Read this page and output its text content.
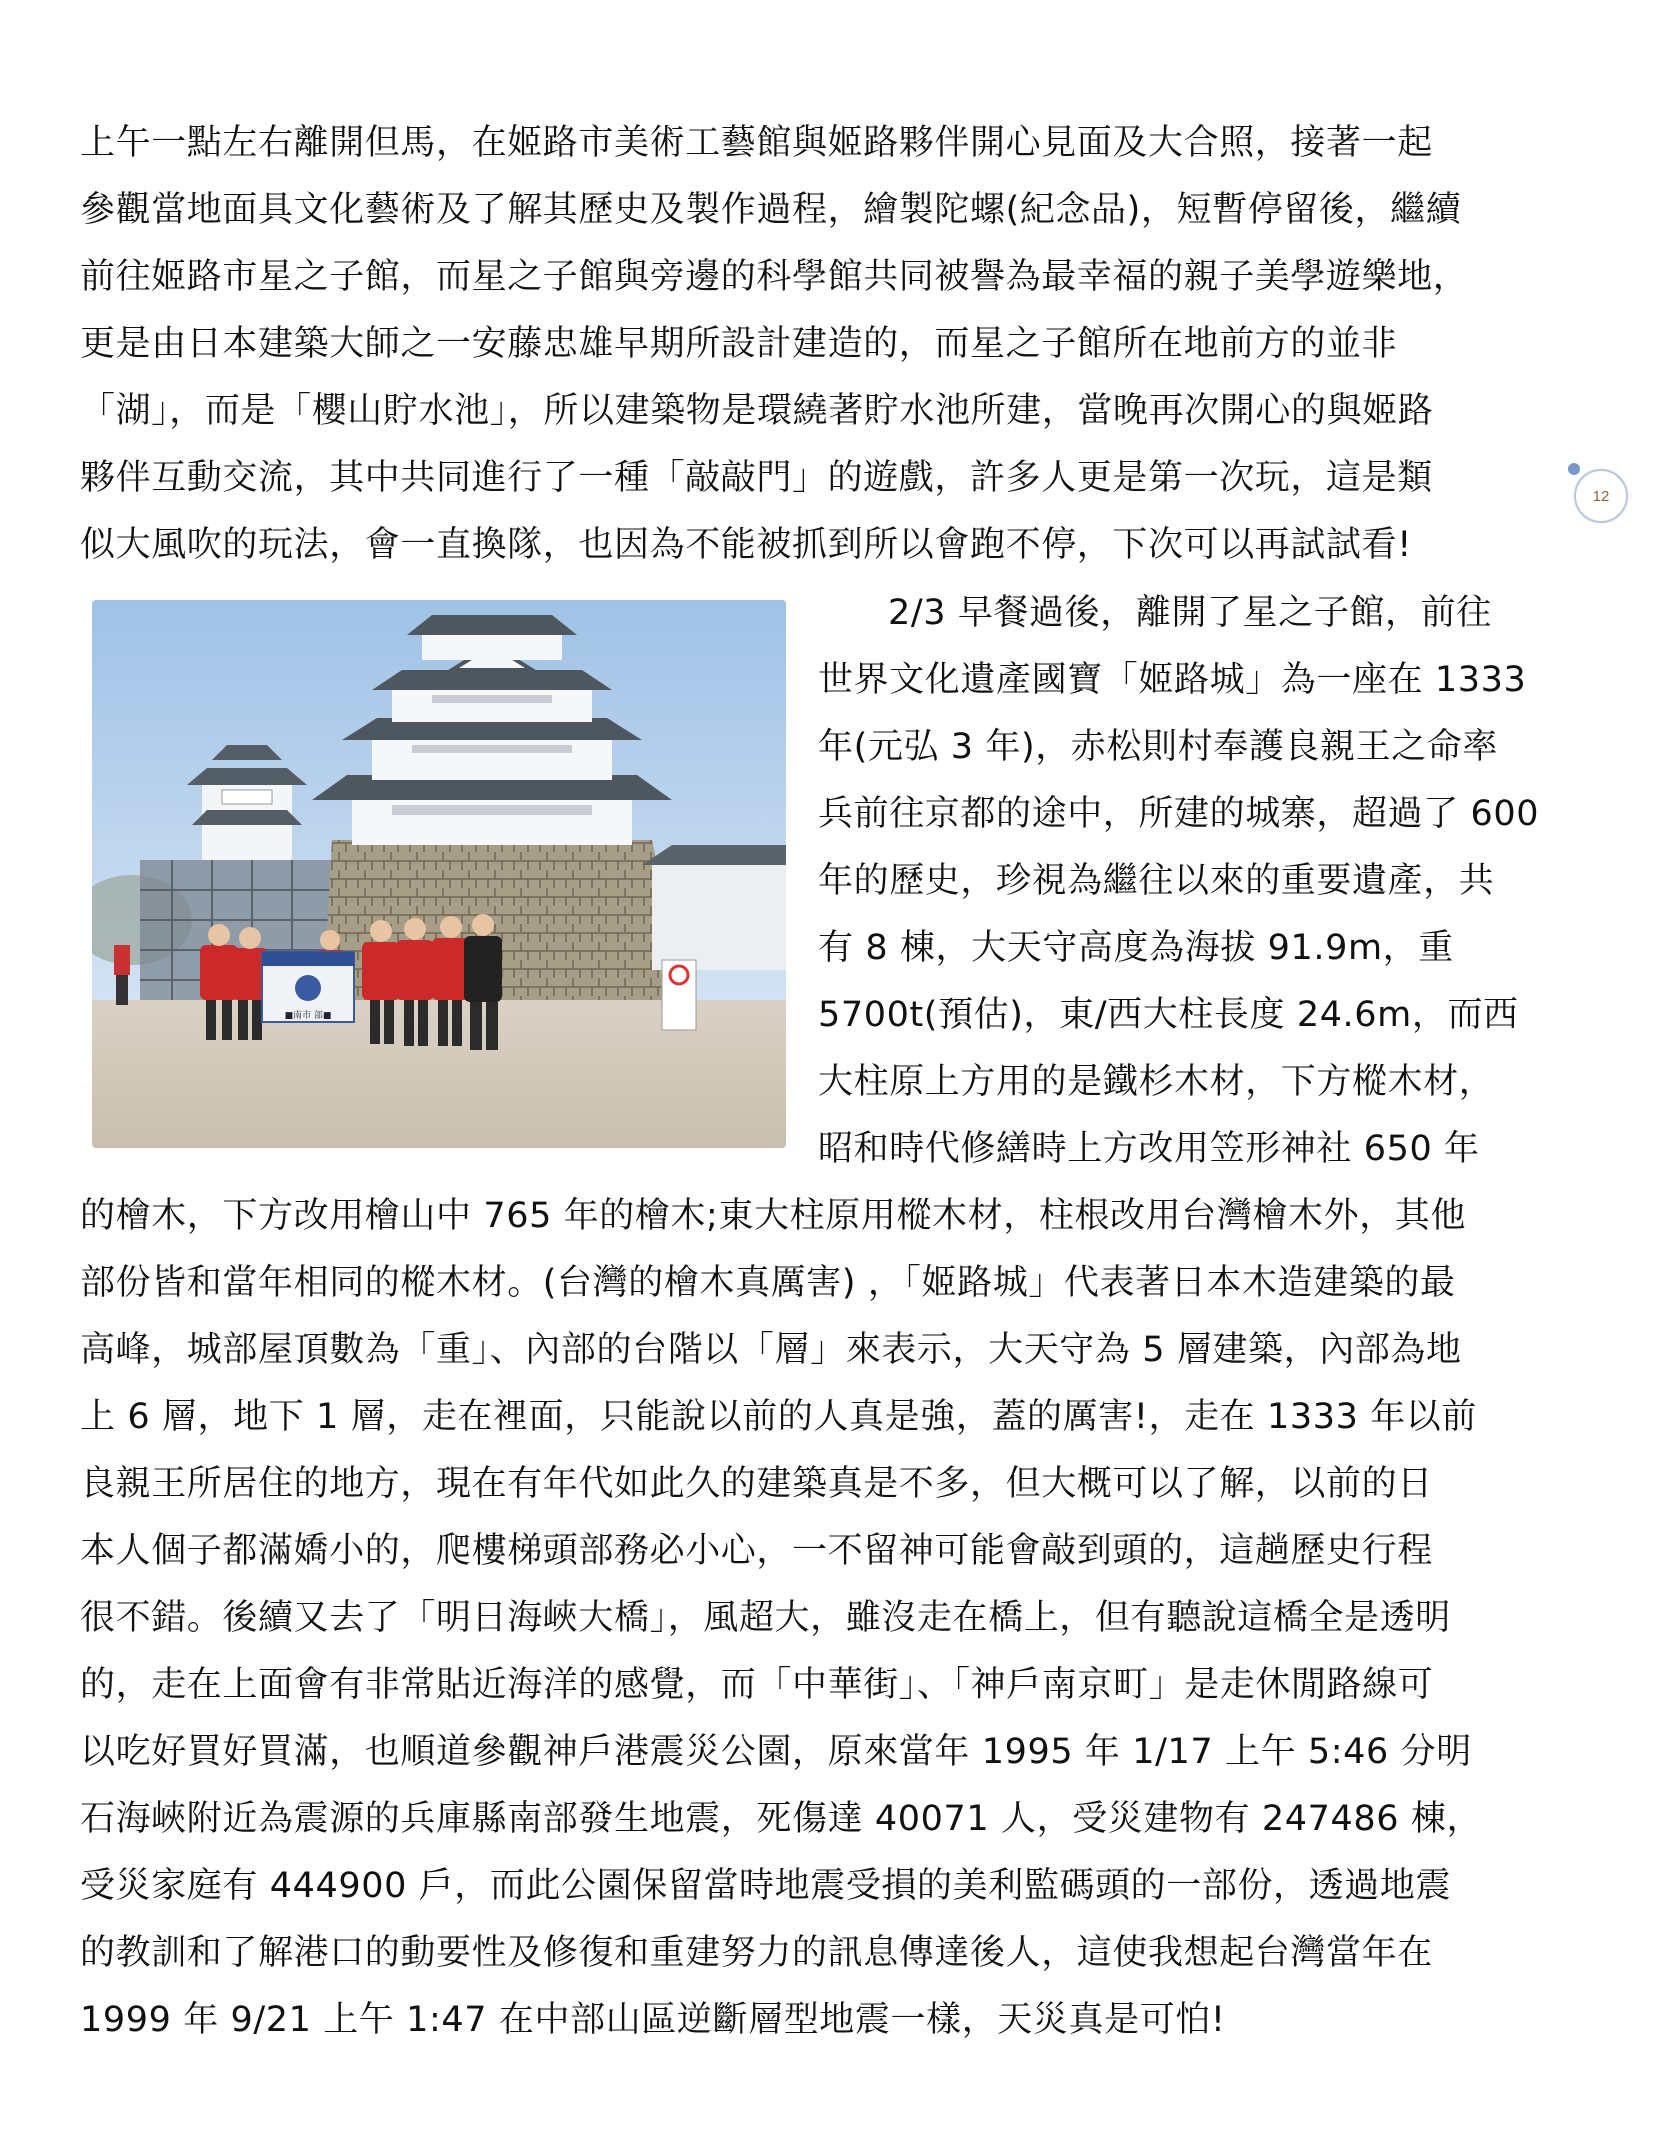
上午一點左右離開但馬，在姬路市美術工藝館與姬路夥伴開心見面及大合照，接著一起
參觀當地面具文化藝術及了解其歷史及製作過程，繪製陀螺(紀念品)，短暫停留後，繼續
前往姬路市星之子館，而星之子館與旁邊的科學館共同被譽為最幸福的親子美學遊樂地，
更是由日本建築大師之一安藤忠雄早期所設計建造的，而星之子館所在地前方的並非
「湖」，而是「櫻山貯水池」，所以建築物是環繞著貯水池所建，當晚再次開心的與姬路
夥伴互動交流，其中共同進行了一種「敲敲門」的遊戲，許多人更是第一次玩，這是類
似大風吹的玩法，會一直換隊，也因為不能被抓到所以會跑不停，下次可以再試試看!
■南市 部■
2/3 早餐過後，離開了星之子館，前往
世界文化遺產國寶「姬路城」為一座在 1333
年(元弘 3 年)，赤松則村奉護良親王之命率
兵前往京都的途中，所建的城寨，超過了 600
年的歷史，珍視為繼往以來的重要遺產，共
有 8 棟，大天守高度為海拔 91.9m，重
5700t(預估)，東/西大柱長度 24.6m，而西
大柱原上方用的是鐵杉木材，下方樅木材，
昭和時代修繕時上方改用笠形神社 650 年
的檜木，下方改用檜山中 765 年的檜木;東大柱原用樅木材，柱根改用台灣檜木外，其他
部份皆和當年相同的樅木材。(台灣的檜木真厲害) ，「姬路城」代表著日本木造建築的最
高峰，城部屋頂數為「重」、內部的台階以「層」來表示，大天守為 5 層建築，內部為地
上 6 層，地下 1 層，走在裡面，只能說以前的人真是強，蓋的厲害!，走在 1333 年以前
良親王所居住的地方，現在有年代如此久的建築真是不多，但大概可以了解，以前的日
本人個子都滿嬌小的，爬樓梯頭部務必小心，一不留神可能會敲到頭的，這趟歷史行程
很不錯。後續又去了「明日海峽大橋」，風超大，雖沒走在橋上，但有聽說這橋全是透明
的，走在上面會有非常貼近海洋的感覺，而「中華街」、「神戶南京町」是走休閒路線可
以吃好買好買滿，也順道參觀神戶港震災公園，原來當年 1995 年 1/17 上午 5:46 分明
石海峽附近為震源的兵庫縣南部發生地震，死傷達 40071 人，受災建物有 247486 棟，
受災家庭有 444900 戶，而此公園保留當時地震受損的美利監碼頭的一部份，透過地震
的教訓和了解港口的動要性及修復和重建努力的訊息傳達後人，這使我想起台灣當年在
1999 年 9/21 上午 1:47 在中部山區逆斷層型地震一樣，天災真是可怕!
12
